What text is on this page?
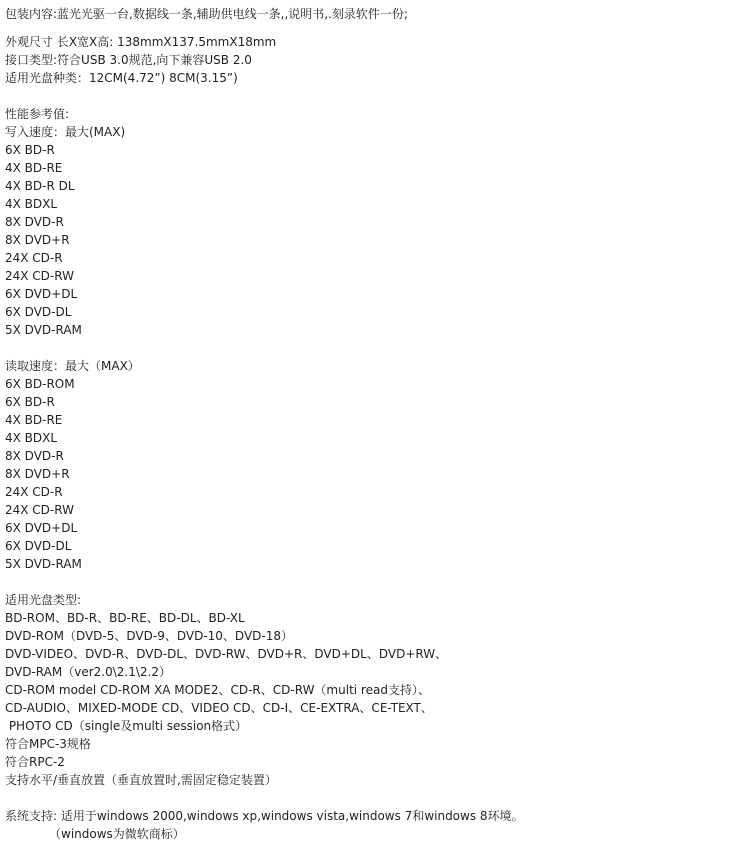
包装内容:蓝光光驱一台,数据线一条,辅助供电线一条,,说明书,.刻录软件一份;
外观尺寸 长X宽X高: 138mmX137.5mmX18mm
接口类型:符合USB 3.0规范,向下兼容USB 2.0
适用光盘种类：12CM(4.72”) 8CM(3.15”)
性能参考值:
写入速度：最大(MAX)
6X BD-R
4X BD-RE
4X BD-R DL
4X BDXL
8X DVD-R
8X DVD+R
24X CD-R
24X CD-RW
6X DVD+DL
6X DVD-DL
5X DVD-RAM
读取速度：最大（MAX）
6X BD-ROM
6X BD-R
4X BD-RE
4X BDXL
8X DVD-R
8X DVD+R
24X CD-R
24X CD-RW
6X DVD+DL
6X DVD-DL
5X DVD-RAM
适用光盘类型:
BD-ROM、BD-R、BD-RE、BD-DL、BD-XL
DVD-ROM（DVD-5、DVD-9、DVD-10、DVD-18）
DVD-VIDEO、DVD-R、DVD-DL、DVD-RW、DVD+R、DVD+DL、DVD+RW、
DVD-RAM（ver2.0\2.1\2.2）
CD-ROM model CD-ROM XA MODE2、CD-R、CD-RW（multi read支持）、
CD-AUDIO、MIXED-MODE CD、VIDEO CD、CD-I、CE-EXTRA、CE-TEXT、
PHOTO CD（single及multi session格式）
符合MPC-3规格
符合RPC-2
支持水平/垂直放置（垂直放置时,需固定稳定装置）
系统支持: 适用于windows 2000,windows xp,windows vista,windows 7和windows 8环境。
（windows为微软商标）
